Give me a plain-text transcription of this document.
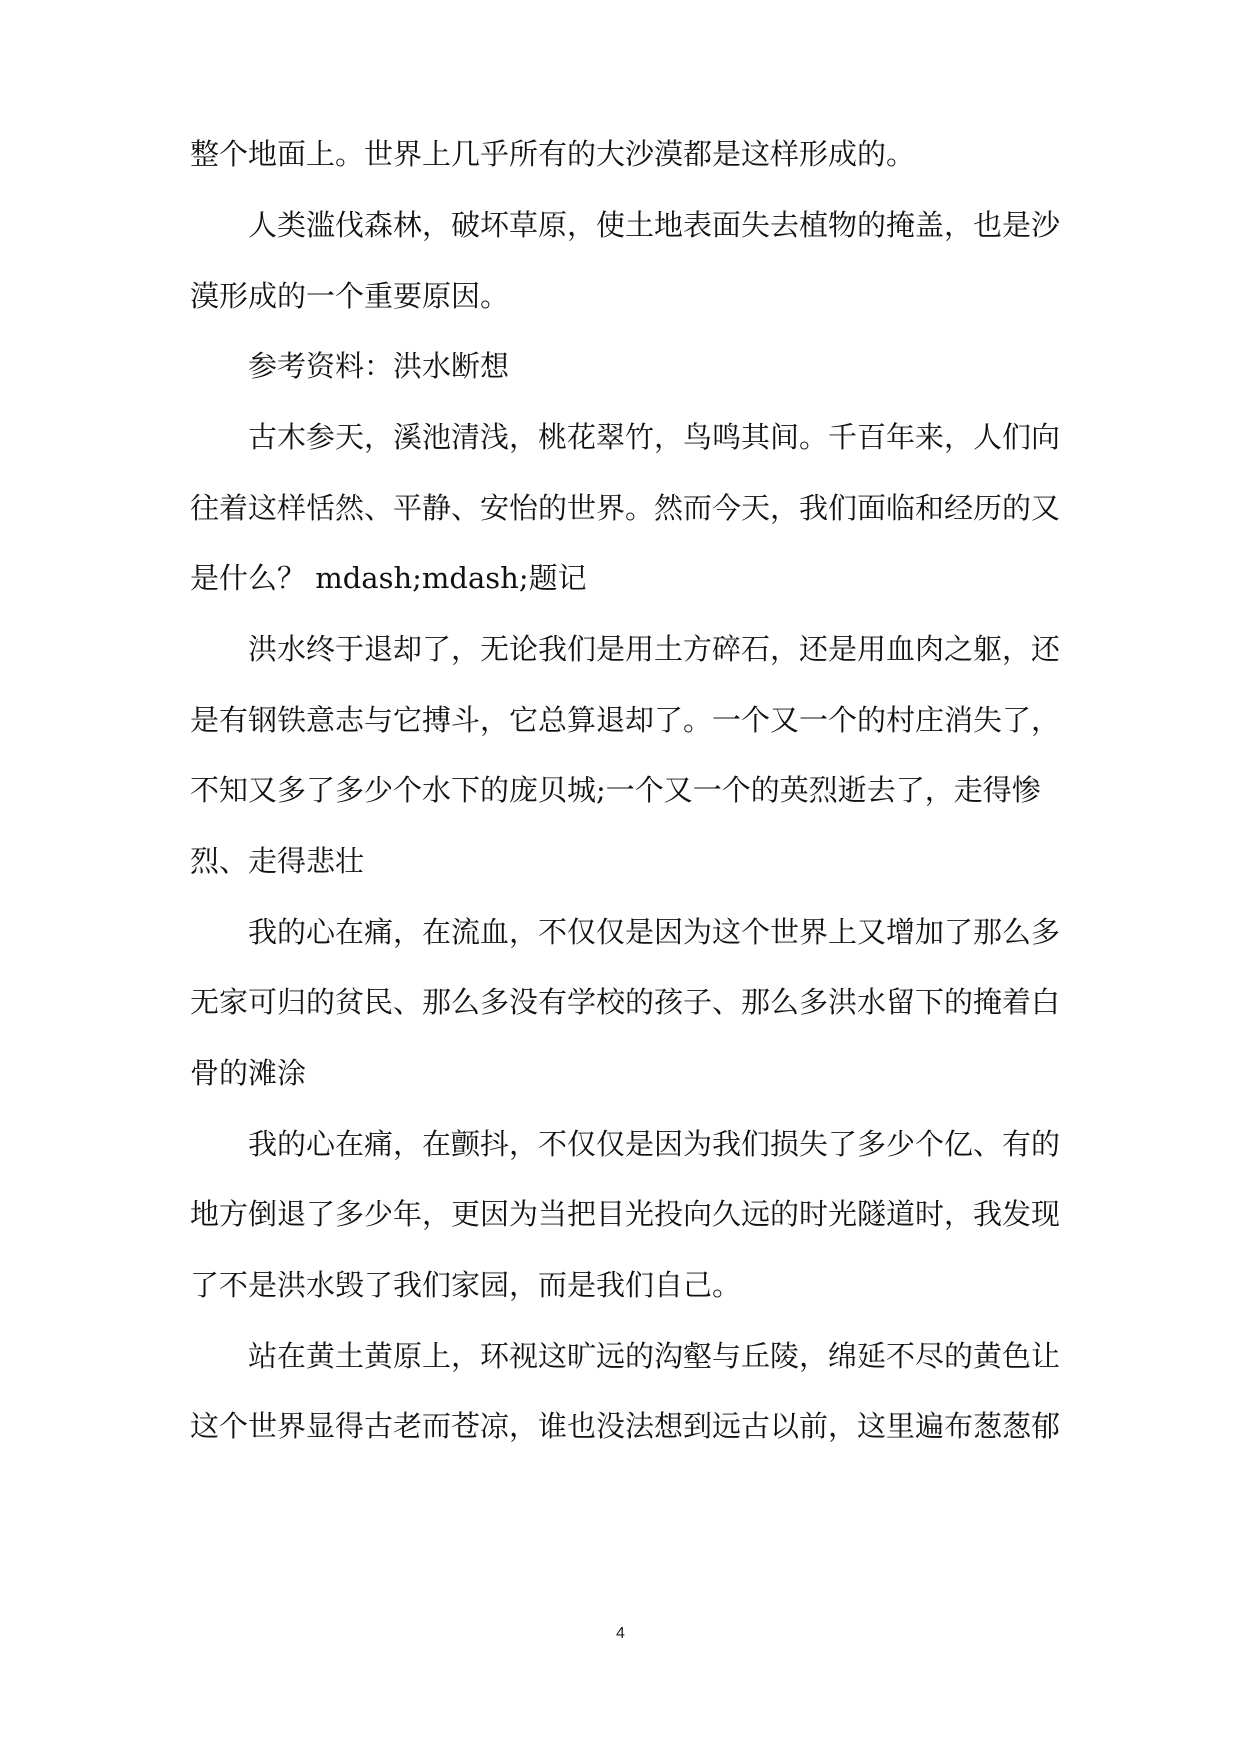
整个地面上。世界上几乎所有的大沙漠都是这样形成的。
人类滥伐森林，破坏草原，使土地表面失去植物的掩盖，也是沙
漠形成的一个重要原因。
参考资料：洪水断想
古木参天，溪池清浅，桃花翠竹，鸟鸣其间。千百年来，人们向
往着这样恬然、平静、安怡的世界。然而今天，我们面临和经历的又
是什么？ mdash;mdash;题记
洪水终于退却了，无论我们是用土方碎石，还是用血肉之躯，还
是有钢铁意志与它搏斗，它总算退却了。一个又一个的村庄消失了，
不知又多了多少个水下的庞贝城;一个又一个的英烈逝去了，走得惨
烈、走得悲壮
我的心在痛，在流血，不仅仅是因为这个世界上又增加了那么多
无家可归的贫民、那么多没有学校的孩子、那么多洪水留下的掩着白
骨的滩涂
我的心在痛，在颤抖，不仅仅是因为我们损失了多少个亿、有的
地方倒退了多少年，更因为当把目光投向久远的时光隧道时，我发现
了不是洪水毁了我们家园，而是我们自己。
站在黄土黄原上，环视这旷远的沟壑与丘陵，绵延不尽的黄色让
这个世界显得古老而苍凉，谁也没法想到远古以前，这里遍布葱葱郁
4
